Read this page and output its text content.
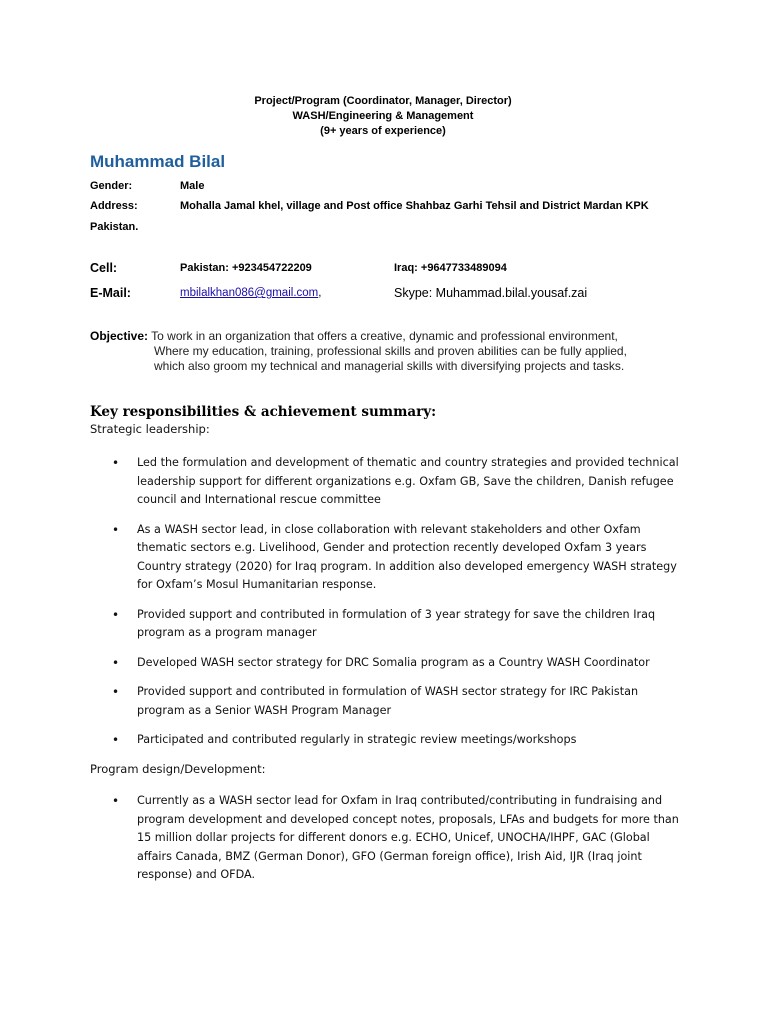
Project/Program (Coordinator, Manager, Director)
WASH/Engineering & Management
(9+ years of experience)
Muhammad Bilal
Gender:	Male
Address:	Mohalla Jamal khel, village and Post office Shahbaz Garhi Tehsil and District Mardan KPK
Pakistan.
Cell:	Pakistan: +923454722209	Iraq: +9647733489094
E-Mail:	mbilalkhan086@gmail.com,	Skype: Muhammad.bilal.yousaf.zai
Objective: To work in an organization that offers a creative, dynamic and professional environment,
Where my education, training, professional skills and proven abilities can be fully applied,
which also groom my technical and managerial skills with diversifying projects and tasks.
Key responsibilities & achievement summary:
Strategic leadership:
• Led the formulation and development of thematic and country strategies and provided technical leadership support for different organizations e.g. Oxfam GB, Save the children, Danish refugee council and International rescue committee
• As a WASH sector lead, in close collaboration with relevant stakeholders and other Oxfam thematic sectors e.g. Livelihood, Gender and protection recently developed Oxfam 3 years Country strategy (2020) for Iraq program. In addition also developed emergency WASH strategy for Oxfam’s Mosul Humanitarian response.
• Provided support and contributed in formulation of 3 year strategy for save the children Iraq program as a program manager
• Developed WASH sector strategy for DRC Somalia program as a Country WASH Coordinator
• Provided support and contributed in formulation of WASH sector strategy for IRC Pakistan program as a Senior WASH Program Manager
• Participated and contributed regularly in strategic review meetings/workshops
Program design/Development:
• Currently as a WASH sector lead for Oxfam in Iraq contributed/contributing in fundraising and program development and developed concept notes, proposals, LFAs and budgets for more than 15 million dollar projects for different donors e.g. ECHO, Unicef, UNOCHA/IHPF, GAC (Global affairs Canada, BMZ (German Donor), GFO (German foreign office), Irish Aid, IJR (Iraq joint response) and OFDA.
